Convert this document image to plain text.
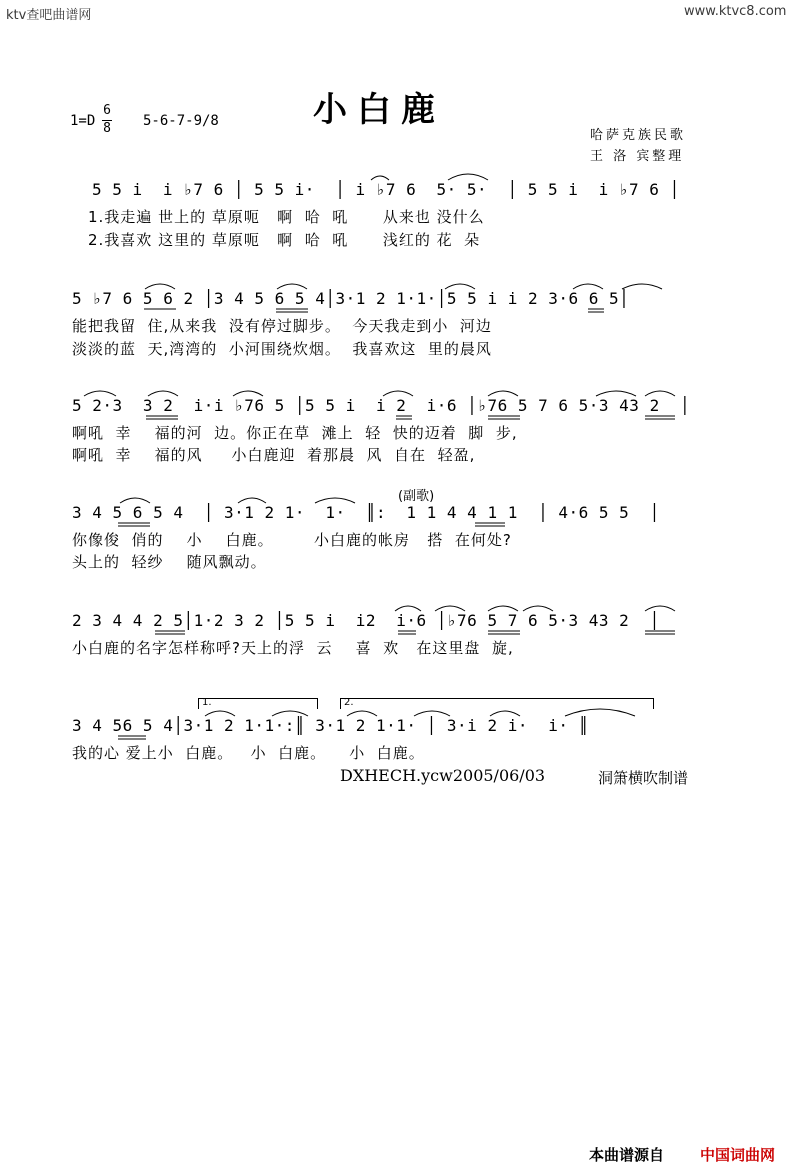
ktv查吧曲谱网	www.ktvc8.com
小白鹿
1=D
6
8 5-6-7-9/8
哈萨克族民歌
王 洛 宾整理
5 5 i  i ♭7 6 │ 5 5 i·  │ i ♭7 6  5· 5·  │ 5 5 i  i ♭7 6 │
1.我走遍 世上的 草原呃   啊  哈  吼      从来也 没什么
2.我喜欢 这里的 草原呃   啊  哈  吼      浅红的 花  朵
5 ♭7 6 5 6 2 │3 4 5 6 5 4│3·1 2 1·1·│5 5 i i 2 3·6 6 5│
能把我留  住,从来我  没有停过脚步。  今天我走到小  河边
淡淡的蓝  天,湾湾的  小河围绕炊烟。  我喜欢这  里的晨风
5 2·3  3 2  i·i ♭76 5 │5 5 i  i 2  i·6 │♭76 5 7 6 5·3 43 2  │
啊吼  幸    福的河  边。你正在草  滩上  轻  快的迈着  脚  步,
啊吼  幸    福的风     小白鹿迎  着那晨  风  自在  轻盈,
(副歌)
3 4 5 6 5 4  │ 3·1 2 1·  1·  ║:  1 1 4 4 1 1  │ 4·6 5 5  │
你像俊  俏的    小    白鹿。       小白鹿的帐房   搭  在何处?
头上的  轻纱    随风飘动。
2 3 4 4 2 5│1·2 3 2 │5 5 i  i2  i·6 │♭76 5 7 6 5·3 43 2  │
小白鹿的名字怎样称呼?天上的浮  云    喜  欢   在这里盘  旋,
1.	2.
3 4 56 5 4│3·1 2 1·1·:║ 3·1 2 1·1· │ 3·i 2 i·  i· ║
我的心 爱上小  白鹿。   小  白鹿。    小  白鹿。
DXHECH.ycw2005/06/03	洞箫横吹制谱
本曲谱源自 中国词曲网
